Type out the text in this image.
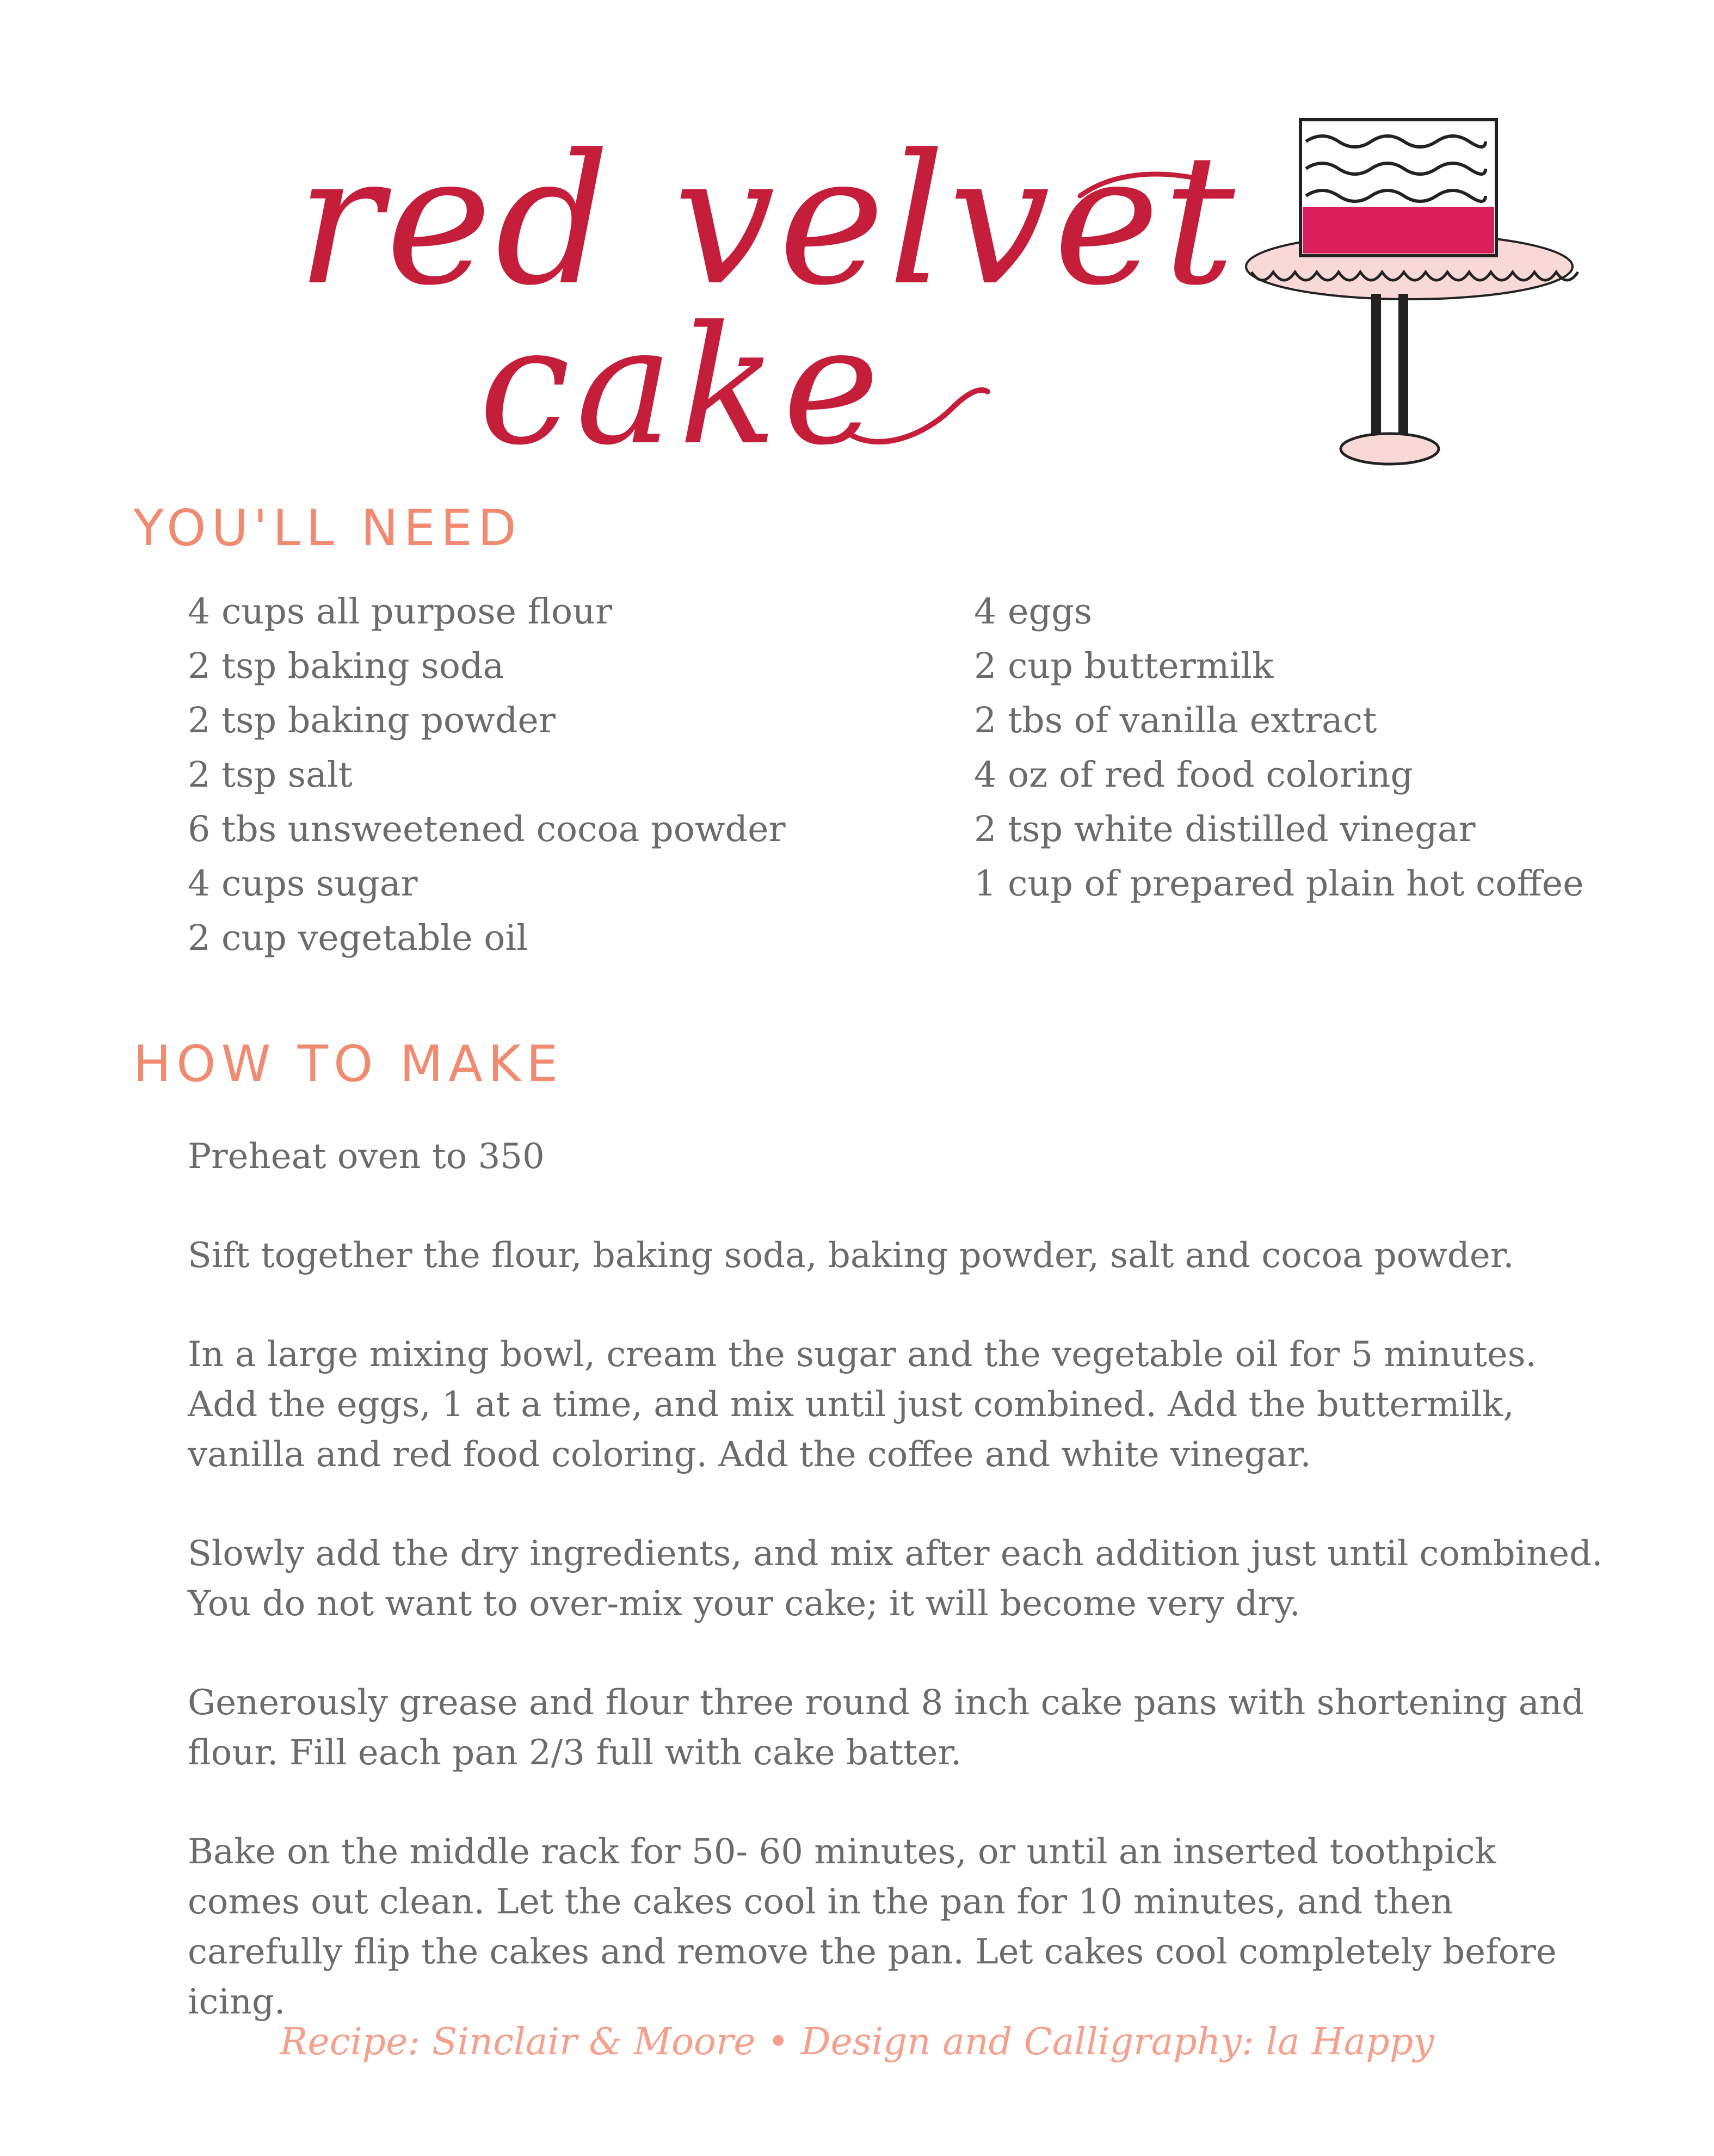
red velvet
cake
YOU'LL NEED
4 cups all purpose flour
2 tsp baking soda
2 tsp baking powder
2 tsp salt
6 tbs unsweetened cocoa powder
4 cups sugar
2 cup vegetable oil
4 eggs
2 cup buttermilk
2 tbs of vanilla extract
4 oz of red food coloring
2 tsp white distilled vinegar
1 cup of prepared plain hot coffee
HOW TO MAKE

Preheat oven to 350

Sift together the flour, baking soda, baking powder, salt and cocoa powder.

In a large mixing bowl, cream the sugar and the vegetable oil for 5 minutes. Add the eggs, 1 at a time, and mix until just combined. Add the buttermilk, vanilla and red food coloring. Add the coffee and white vinegar.

Slowly add the dry ingredients, and mix after each addition just until combined. You do not want to over-mix your cake; it will become very dry.

Generously grease and flour three round 8 inch cake pans with shortening and flour. Fill each pan 2/3 full with cake batter.

Bake on the middle rack for 50- 60 minutes, or until an inserted toothpick comes out clean. Let the cakes cool in the pan for 10 minutes, and then carefully flip the cakes and remove the pan. Let cakes cool completely before icing.

Recipe: Sinclair & Moore • Design and Calligraphy: la Happy
